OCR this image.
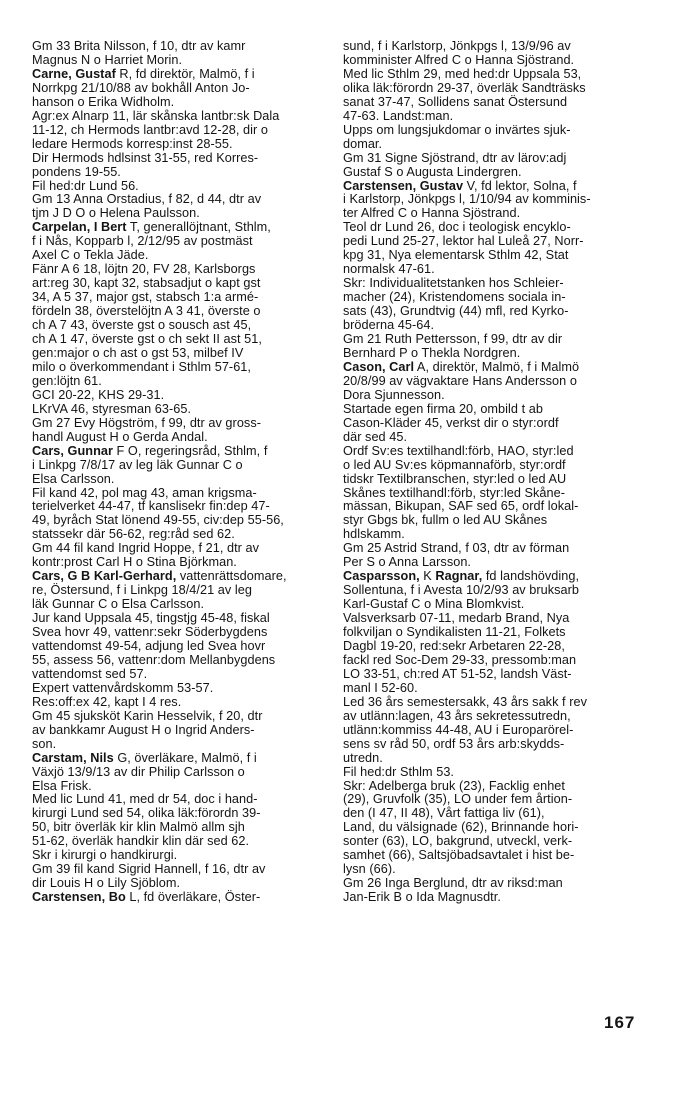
Gm 33 Brita Nilsson, f 10, dtr av kamr
Magnus N o Harriet Morin.
Carne, Gustaf R, fd direktör, Malmö, f i
Norrkpg 21/10/88 av bokhåll Anton Jo-
hanson o Erika Widholm.
Agr:ex Alnarp 11, lär skånska lantbr:sk Dala
11-12, ch Hermods lantbr:avd 12-28, dir o
ledare Hermods korresp:inst 28-55.
Dir Hermods hdlsinst 31-55, red Korres-
pondens 19-55.
Fil hed:dr Lund 56.
Gm 13 Anna Orstadius, f 82, d 44, dtr av
tjm J D O o Helena Paulsson.
Carpelan, I Bert T, generallöjtnant, Sthlm,
f i Nås, Kopparb l, 2/12/95 av postmäst
Axel C o Tekla Jäde.
Fänr A 6 18, löjtn 20, FV 28, Karlsborgs
art:reg 30, kapt 32, stabsadjut o kapt gst
34, A 5 37, major gst, stabsch 1:a armé-
fördeln 38, överstelöjtn A 3 41, överste o
ch A 7 43, överste gst o sousch ast 45,
ch A 1 47, överste gst o ch sekt II ast 51,
gen:major o ch ast o gst 53, milbef IV
milo o överkommendant i Sthlm 57-61,
gen:löjtn 61.
GCI 20-22, KHS 29-31.
LKrVA 46, styresman 63-65.
Gm 27 Evy Högström, f 99, dtr av gross-
handl August H o Gerda Andal.
Cars, Gunnar F O, regeringsråd, Sthlm, f
i Linkpg 7/8/17 av leg läk Gunnar C o
Elsa Carlsson.
Fil kand 42, pol mag 43, aman krigsma-
terielverket 44-47, tf kanslisekr fin:dep 47-
49, byråch Stat lönend 49-55, civ:dep 55-56,
statssekr där 56-62, reg:råd sed 62.
Gm 44 fil kand Ingrid Hoppe, f 21, dtr av
kontr:prost Carl H o Stina Björkman.
Cars, G B Karl-Gerhard, vattenrättsdomare,
re, Östersund, f i Linkpg 18/4/21 av leg
läk Gunnar C o Elsa Carlsson.
Jur kand Uppsala 45, tingstjg 45-48, fiskal
Svea hovr 49, vattenr:sekr Söderbygdens
vattendomst 49-54, adjung led Svea hovr
55, assess 56, vattenr:dom Mellanbygdens
vattendomst sed 57.
Expert vattenvårdskomm 53-57.
Res:off:ex 42, kapt I 4 res.
Gm 45 sjuksköt Karin Hesselvik, f 20, dtr
av bankkamr August H o Ingrid Anders-
son.
Carstam, Nils G, överläkare, Malmö, f i
Växjö 13/9/13 av dir Philip Carlsson o
Elsa Frisk.
Med lic Lund 41, med dr 54, doc i hand-
kirurgi Lund sed 54, olika läk:förordn 39-
50, bitr överläk kir klin Malmö allm sjh
51-62, överläk handkir klin där sed 62.
Skr i kirurgi o handkirurgi.
Gm 39 fil kand Sigrid Hannell, f 16, dtr av
dir Louis H o Lily Sjöblom.
Carstensen, Bo L, fd överläkare, Öster-
sund, f i Karlstorp, Jönkpgs l, 13/9/96 av
komminister Alfred C o Hanna Sjöstrand.
Med lic Sthlm 29, med hed:dr Uppsala 53,
olika läk:förordn 29-37, överläk Sandträsks
sanat 37-47, Sollidens sanat Östersund
47-63. Landst:man.
Upps om lungsjukdomar o invärtes sjuk-
domar.
Gm 31 Signe Sjöstrand, dtr av lärov:adj
Gustaf S o Augusta Lindergren.
Carstensen, Gustav V, fd lektor, Solna, f
i Karlstorp, Jönkpgs l, 1/10/94 av komminis-
ter Alfred C o Hanna Sjöstrand.
Teol dr Lund 26, doc i teologisk encyklo-
pedi Lund 25-27, lektor hal Luleå 27, Norr-
kpg 31, Nya elementarsk Sthlm 42, Stat
normalsk 47-61.
Skr: Individualitetstanken hos Schleier-
macher (24), Kristendomens sociala in-
sats (43), Grundtvig (44) mfl, red Kyrko-
bröderna 45-64.
Gm 21 Ruth Pettersson, f 99, dtr av dir
Bernhard P o Thekla Nordgren.
Cason, Carl A, direktör, Malmö, f i Malmö
20/8/99 av vägvaktare Hans Andersson o
Dora Sjunnesson.
Startade egen firma 20, ombild t ab
Cason-Kläder 45, verkst dir o styr:ordf
där sed 45.
Ordf Sv:es textilhandl:förb, HAO, styr:led
o led AU Sv:es köpmannaförb, styr:ordf
tidskr Textilbranschen, styr:led o led AU
Skånes textilhandl:förb, styr:led Skåne-
mässan, Bikupan, SAF sed 65, ordf lokal-
styr Gbgs bk, fullm o led AU Skånes
hdlskamm.
Gm 25 Astrid Strand, f 03, dtr av förman
Per S o Anna Larsson.
Casparsson, K Ragnar, fd landshövding,
Sollentuna, f i Avesta 10/2/93 av bruksarb
Karl-Gustaf C o Mina Blomkvist.
Valsverksarb 07-11, medarb Brand, Nya
folkviljan o Syndikalisten 11-21, Folkets
Dagbl 19-20, red:sekr Arbetaren 22-28,
fackl red Soc-Dem 29-33, pressomb:man
LO 33-51, ch:red AT 51-52, landsh Väst-
manl I 52-60.
Led 36 års semestersakk, 43 års sakk f rev
av utlänn:lagen, 43 års sekretessutredn,
utlänn:kommiss 44-48, AU i Europarörel-
sens sv råd 50, ordf 53 års arb:skydds-
utredn.
Fil hed:dr Sthlm 53.
Skr: Adelberga bruk (23), Facklig enhet
(29), Gruvfolk (35), LO under fem årtion-
den (I 47, II 48), Vårt fattiga liv (61),
Land, du välsignade (62), Brinnande hori-
sonter (63), LO, bakgrund, utveckl, verk-
samhet (66), Saltsjöbadsavtalet i hist be-
lysn (66).
Gm 26 Inga Berglund, dtr av riksd:man
Jan-Erik B o Ida Magnusdtr.
167
